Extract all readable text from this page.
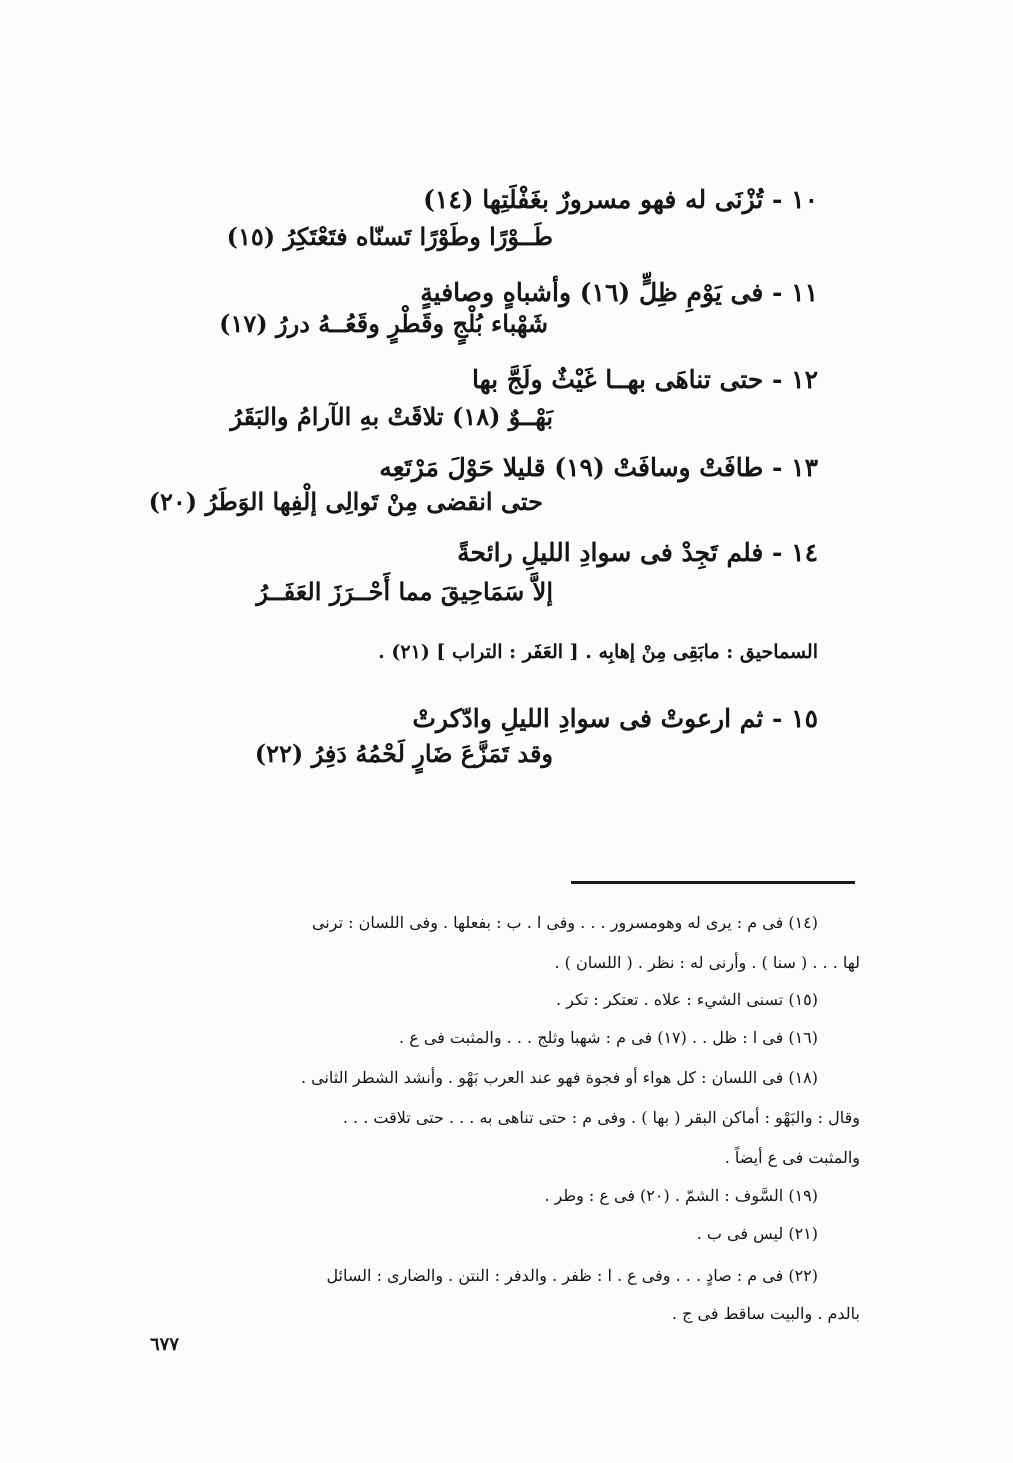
١٠ - تُزْنَى له فهو مسرورٌ بغَفْلَتِها (١٤)
طَــوْرًا وطَوْرًا تَسنّاه فتَعْتَكِرُ (١٥)
١١ - فى يَوْمِ ظِلٍّ (١٦) وأشباهٍ وصافيةٍ
شَهْباء بُلْجٍ وقَطْرٍ وقَعُــهُ دررُ (١٧)
١٢ - حتى تناهَى بهــا غَيْثٌ ولَجَّ بها
بَهْــوٌ (١٨) تلاقَتْ بهِ الآرامُ والبَقَرُ
١٣ - طافَتْ وسافَتْ (١٩) قليلا حَوْلَ مَرْتَعِه
حتى انقضى مِنْ تَوالِى إلْفِها الوَطَرُ (٢٠)
١٤ - فلم تَجِدْ فى سوادِ الليلِ رائحةً
إلاَّ سَمَاحِيقَ مما أَحْــرَزَ العَفَــرُ
السماحيق : مابَقِى مِنْ إهابِه . [ العَفَر : التراب ] (٢١) .
١٥ - ثم ارعوتْ فى سوادِ الليلِ وادّكرتْ
وقد تَمَزَّعَ ضَارٍ لَحْمُهُ دَفِرُ (٢٢)
(١٤) فى م : يرى له وهومسرور . . . وفى ا . ب : بفعلها . وفى اللسان : ترنى
لها . . . ( سنا ) . وأرنى له : نظر . ( اللسان ) .
(١٥) تسنى الشيء : علاه . تعتكر : تكر .
(١٦) فى ا : ظل . . (١٧) فى م : شهبا وثلج . . . والمثبت فى ع .
(١٨) فى اللسان : كل هواء أو فجوة فهو عند العرب بَهْو . وأنشد الشطر الثانى .
وقال : والبَهْو : أماكن البقر ( بها ) . وفى م : حتى تناهى به . . . حتى تلاقت . . .
والمثبت فى ع أيضاً .
(١٩) السَّوف : الشمّ . (٢٠) فى ع : وطر .
(٢١) ليس فى ب .
(٢٢) فى م : صادٍ . . . وفى ع . ا : ظفر . والدفر : النتن . والضارى : السائل
بالدم . والبيت ساقط فى ج .
٦٧٧
